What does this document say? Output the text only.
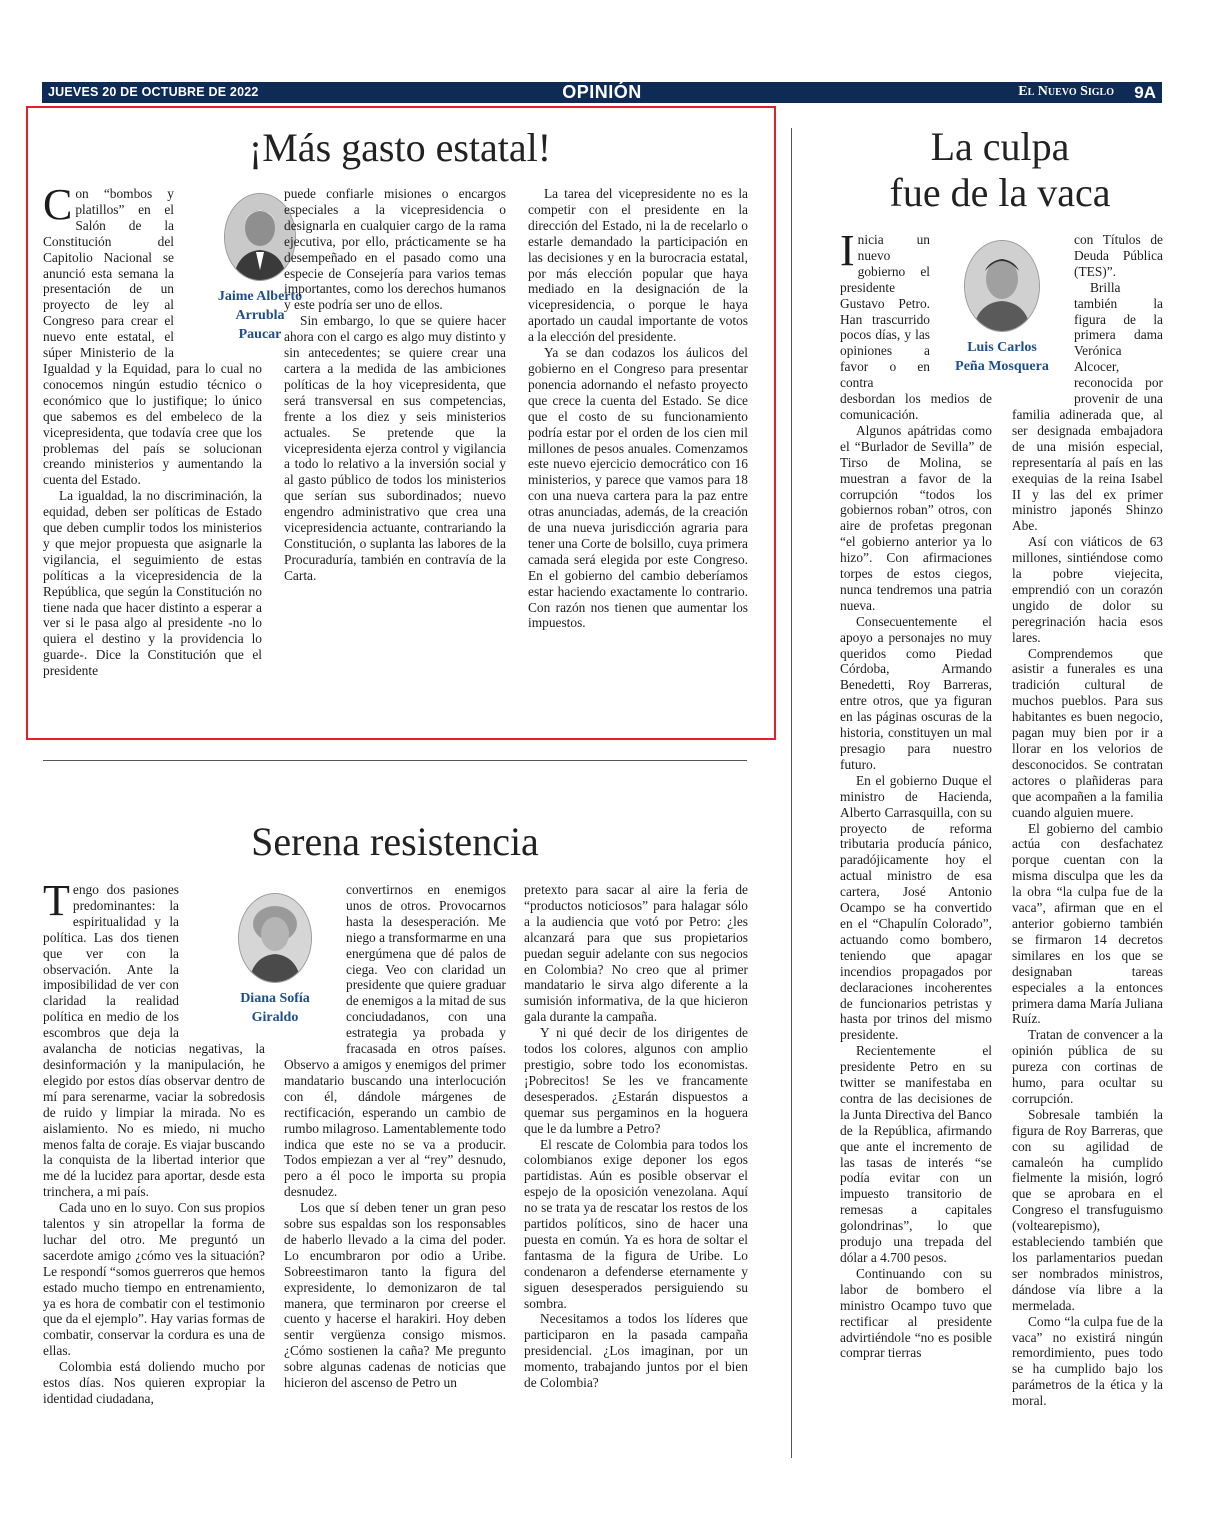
JUEVES 20 DE OCTUBRE DE 2022	OPINIÓN	El Nuevo Siglo 9A
¡Más gasto estatal!

Con “bombos y platillos” en el Salón de la Constitución del Capitolio Nacional se anunció esta semana la presentación de un proyecto de ley al Congreso para crear el nuevo ente estatal, el súper Ministerio de la Igualdad y la Equidad, para lo cual no conocemos ningún estudio técnico o económico que lo justifique; lo único que sabemos es del embeleco de la vicepresidenta, que todavía cree que los problemas del país se solucionan creando ministerios y aumentando la cuenta del Estado.

La igualdad, la no discriminación, la equidad, deben ser políticas de Estado que deben cumplir todos los ministerios y que mejor propuesta que asignarle la vigilancia, el seguimiento de estas políticas a la vicepresidencia de la República, que según la Constitución no tiene nada que hacer distinto a esperar a ver si le pasa algo al presidente -no lo quiera el destino y la providencia lo guarde-. Dice la Constitución que el presidente

Jaime Alberto
Arrubla
Paucar

puede confiarle misiones o encargos especiales a la vicepresidencia o designarla en cualquier cargo de la rama ejecutiva, por ello, prácticamente se ha desempeñado en el pasado como una especie de Consejería para varios temas importantes, como los derechos humanos y este podría ser uno de ellos.

Sin embargo, lo que se quiere hacer ahora con el cargo es algo muy distinto y sin antecedentes; se quiere crear una cartera a la medida de las ambiciones políticas de la hoy vicepresidenta, que será transversal en sus competencias, frente a los diez y seis ministerios actuales. Se pretende que la vicepresidenta ejerza control y vigilancia a todo lo relativo a la inversión social y al gasto público de todos los ministerios que serían sus subordinados; nuevo engendro administrativo que crea una vicepresidencia actuante, contrariando la Constitución, o suplanta las labores de la Procuraduría, también en contravía de la Carta.

La tarea del vicepresidente no es la competir con el presidente en la dirección del Estado, ni la de recelarlo o estarle demandado la participación en las decisiones y en la burocracia estatal, por más elección popular que haya mediado en la designación de la vicepresidencia, o porque le haya aportado un caudal importante de votos a la elección del presidente.

Ya se dan codazos los áulicos del gobierno en el Congreso para presentar ponencia adornando el nefasto proyecto que crece la cuenta del Estado. Se dice que el costo de su funcionamiento podría estar por el orden de los cien mil millones de pesos anuales. Comenzamos este nuevo ejercicio democrático con 16 ministerios, y parece que vamos para 18 con una nueva cartera para la paz entre otras anunciadas, además, de la creación de una nueva jurisdicción agraria para tener una Corte de bolsillo, cuya primera camada será elegida por este Congreso. En el gobierno del cambio deberíamos estar haciendo exactamente lo contrario. Con razón nos tienen que aumentar los impuestos.

Serena resistencia

Tengo dos pasiones predominantes: la espiritualidad y la política. Las dos tienen que ver con la observación. Ante la imposibilidad de ver con claridad la realidad política en medio de los escombros que deja la avalancha de noticias negativas, la desinformación y la manipulación, he elegido por estos días observar dentro de mí para serenarme, vaciar la sobredosis de ruido y limpiar la mirada. No es aislamiento. No es miedo, ni mucho menos falta de coraje. Es viajar buscando la conquista de la libertad interior que me dé la lucidez para aportar, desde esta trinchera, a mi país.

Cada uno en lo suyo. Con sus propios talentos y sin atropellar la forma de luchar del otro. Me preguntó un sacerdote amigo ¿cómo ves la situación? Le respondí “somos guerreros que hemos estado mucho tiempo en entrenamiento, ya es hora de combatir con el testimonio que da el ejemplo”. Hay varias formas de combatir, conservar la cordura es una de ellas.

Colombia está doliendo mucho por estos días. Nos quieren expropiar la identidad ciudadana,

Diana Sofía
Giraldo

convertirnos en enemigos unos de otros. Provocarnos hasta la desesperación. Me niego a transformarme en una energúmena que dé palos de ciega. Veo con claridad un presidente que quiere graduar de enemigos a la mitad de sus conciudadanos, con una estrategia ya probada y fracasada en otros países. Observo a amigos y enemigos del primer mandatario buscando una interlocución con él, dándole márgenes de rectificación, esperando un cambio de rumbo milagroso. Lamentablemente todo indica que este no se va a producir. Todos empiezan a ver al “rey” desnudo, pero a él poco le importa su propia desnudez.

Los que sí deben tener un gran peso sobre sus espaldas son los responsables de haberlo llevado a la cima del poder. Lo encumbraron por odio a Uribe. Sobreestimaron tanto la figura del expresidente, lo demonizaron de tal manera, que terminaron por creerse el cuento y hacerse el harakiri. Hoy deben sentir vergüenza consigo mismos. ¿Cómo sostienen la caña? Me pregunto sobre algunas cadenas de noticias que hicieron del ascenso de Petro un

pretexto para sacar al aire la feria de “productos noticiosos” para halagar sólo a la audiencia que votó por Petro: ¿les alcanzará para que sus propietarios puedan seguir adelante con sus negocios en Colombia? No creo que al primer mandatario le sirva algo diferente a la sumisión informativa, de la que hicieron gala durante la campaña.

Y ni qué decir de los dirigentes de todos los colores, algunos con amplio prestigio, sobre todo los economistas. ¡Pobrecitos! Se les ve francamente desesperados. ¿Estarán dispuestos a quemar sus pergaminos en la hoguera que le da lumbre a Petro?

El rescate de Colombia para todos los colombianos exige deponer los egos partidistas. Aún es posible observar el espejo de la oposición venezolana. Aquí no se trata ya de rescatar los restos de los partidos políticos, sino de hacer una puesta en común. Ya es hora de soltar el fantasma de la figura de Uribe. Lo condenaron a defenderse eternamente y siguen desesperados persiguiendo su sombra.

Necesitamos a todos los líderes que participaron en la pasada campaña presidencial. ¿Los imaginan, por un momento, trabajando juntos por el bien de Colombia?

La culpa
fue de la vaca

Inicia un nuevo gobierno el presidente Gustavo Petro. Han trascurrido pocos días, y las opiniones a favor o en contra desbordan los medios de comunicación.

Algunos apátridas como el “Burlador de Sevilla” de Tirso de Molina, se muestran a favor de la corrupción “todos los gobiernos roban” otros, con aire de profetas pregonan “el gobierno anterior ya lo hizo”. Con afirmaciones torpes de estos ciegos, nunca tendremos una patria nueva.

Consecuentemente el apoyo a personajes no muy queridos como Piedad Córdoba, Armando Benedetti, Roy Barreras, entre otros, que ya figuran en las páginas oscuras de la historia, constituyen un mal presagio para nuestro futuro.

En el gobierno Duque el ministro de Hacienda, Alberto Carrasquilla, con su proyecto de reforma tributaria producía pánico, paradójicamente hoy el actual ministro de esa cartera, José Antonio Ocampo se ha convertido en el “Chapulín Colorado”, actuando como bombero, teniendo que apagar incendios propagados por declaraciones incoherentes de funcionarios petristas y hasta por trinos del mismo presidente.

Recientemente el presidente Petro en su twitter se manifestaba en contra de las decisiones de la Junta Directiva del Banco de la República, afirmando que ante el incremento de las tasas de interés “se podía evitar con un impuesto transitorio de remesas a capitales golondrinas”, lo que produjo una trepada del dólar a 4.700 pesos.

Continuando con su labor de bombero el ministro Ocampo tuvo que rectificar al presidente advirtiéndole “no es posible comprar tierras

Luis Carlos
Peña Mosquera

con Títulos de Deuda Pública (TES)”.

Brilla también la figura de la primera dama Verónica Alcocer, reconocida por provenir de una familia adinerada que, al ser designada embajadora de una misión especial, representaría al país en las exequias de la reina Isabel II y las del ex primer ministro japonés Shinzo Abe.

Así con viáticos de 63 millones, sintiéndose como la pobre viejecita, emprendió con un corazón ungido de dolor su peregrinación hacia esos lares.

Comprendemos que asistir a funerales es una tradición cultural de muchos pueblos. Para sus habitantes es buen negocio, pagan muy bien por ir a llorar en los velorios de desconocidos. Se contratan actores o plañideras para que acompañen a la familia cuando alguien muere.

El gobierno del cambio actúa con desfachatez porque cuentan con la misma disculpa que les da la obra “la culpa fue de la vaca”, afirman que en el anterior gobierno también se firmaron 14 decretos similares en los que se designaban tareas especiales a la entonces primera dama María Juliana Ruíz.

Tratan de convencer a la opinión pública de su pureza con cortinas de humo, para ocultar su corrupción.

Sobresale también la figura de Roy Barreras, que con su agilidad de camaleón ha cumplido fielmente la misión, logró que se aprobara en el Congreso el transfuguismo (voltearepismo), estableciendo también que los parlamentarios puedan ser nombrados ministros, dándose vía libre a la mermelada.

Como “la culpa fue de la vaca” no existirá ningún remordimiento, pues todo se ha cumplido bajo los parámetros de la ética y la moral.
